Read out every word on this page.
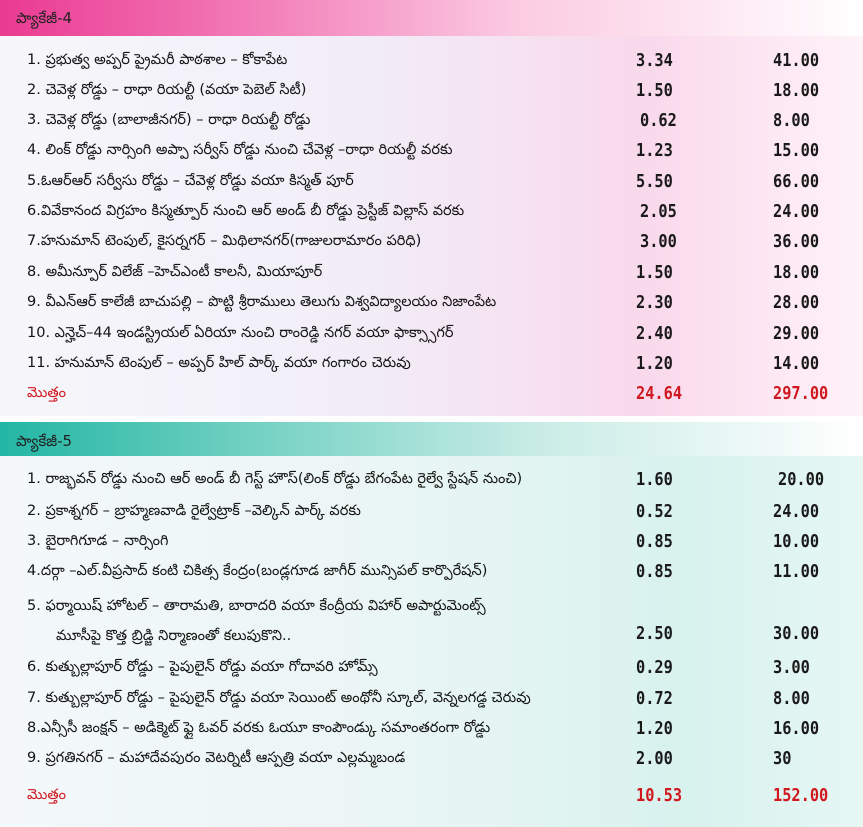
ప్యాకేజీ-4
1. ప్రభుత్వ అప్పర్ ప్రైమరీ పాఠశాల – కోకాపేట	3.34	41.00
2. చెవెళ్ల రోడ్డు – రాధా రియల్టీ (వయా పెబెల్ సిటీ)	1.50	18.00
3. చెవెళ్ల రోడ్డు (బాలాజీనగర్) – రాధా రియల్టీ రోడ్డు	0.62	8.00
4. లింక్ రోడ్డు నార్సింగి అప్పా సర్వీస్ రోడ్డు నుంచి చేవెళ్ల –రాధా రియల్టీ వరకు	1.23	15.00
5.ఓఆర్ఆర్ సర్వీసు రోడ్డు – చేవెళ్ల రోడ్డు వయా కిస్మత్ పూర్	5.50	66.00
6.వివేకానంద విగ్రహం కిస్మత్పూర్ నుంచి ఆర్ అండ్ బీ రోడ్డు ప్రెస్టీజ్ విల్లాస్ వరకు	2.05	24.00
7.హనుమాన్ టెంపుల్, కైసర్నగర్ – మిథిలానగర్(గాజులరామారం పరిధి)	3.00	36.00
8. అమీన్పూర్ విలేజ్ –హెచ్ఎంటీ కాలనీ, మియాపూర్	1.50	18.00
9. వీఎన్ఆర్ కాలేజీ బాచుపల్లి – పొట్టి శ్రీరాములు తెలుగు విశ్వవిద్యాలయం నిజాంపేట	2.30	28.00
10. ఎన్హెచ్–44 ఇండస్ట్రియల్ ఏరియా నుంచి రాంరెడ్డి నగర్ వయా ఫాక్స్సాగర్	2.40	29.00
11. హనుమాన్ టెంపుల్ – అప్పర్ హిల్ పార్క్ వయా గంగారం చెరువు	1.20	14.00
మొత్తం	24.64	297.00
ప్యాకేజీ-5
1. రాజ్భవన్ రోడ్డు నుంచి ఆర్ అండ్ బీ గెస్ట్ హౌస్(లింక్ రోడ్డు బేగంపేట రైల్వే స్టేషన్ నుంచి)	1.60	20.00
2. ప్రకాశ్నగర్ – బ్రాహ్మణవాడి రైల్వేట్రాక్ –వెల్కిన్ పార్క్ వరకు	0.52	24.00
3. బైరాగిగూడ – నార్సింగి	0.85	10.00
4.దర్గా –ఎల్.వీప్రసాద్ కంటి చికిత్స కేంద్రం(బండ్లగూడ జాగీర్ మున్సిపల్ కార్పొరేషన్)	0.85	11.00
5. ఫర్మాయిష్ హోటల్ – తారామతి, బారాదరి వయా కేంద్రీయ విహార్ అపార్టుమెంట్స్
మూసీపై కొత్త బ్రిడ్జి నిర్మాణంతో కలుపుకొని..	2.50	30.00
6. కుత్బుల్లాపూర్ రోడ్డు – పైపులైన్ రోడ్డు వయా గోదావరి హోమ్స్	0.29	3.00
7. కుత్బుల్లాపూర్ రోడ్డు – పైపులైన్ రోడ్డు వయా సెయింట్ అంథోనీ స్కూల్, వెన్నలగడ్డ చెరువు	0.72	8.00
8.ఎన్సీసీ జంక్షన్ – అడిక్మెట్ ఫ్లై ఓవర్ వరకు ఓయూ కాంపౌండ్కు సమాంతరంగా రోడ్డు	1.20	16.00
9. ప్రగతినగర్ – మహాదేవపురం వెటర్నిటీ ఆస్పత్రి వయా ఎల్లమ్మబండ	2.00	30
మొత్తం	10.53	152.00
